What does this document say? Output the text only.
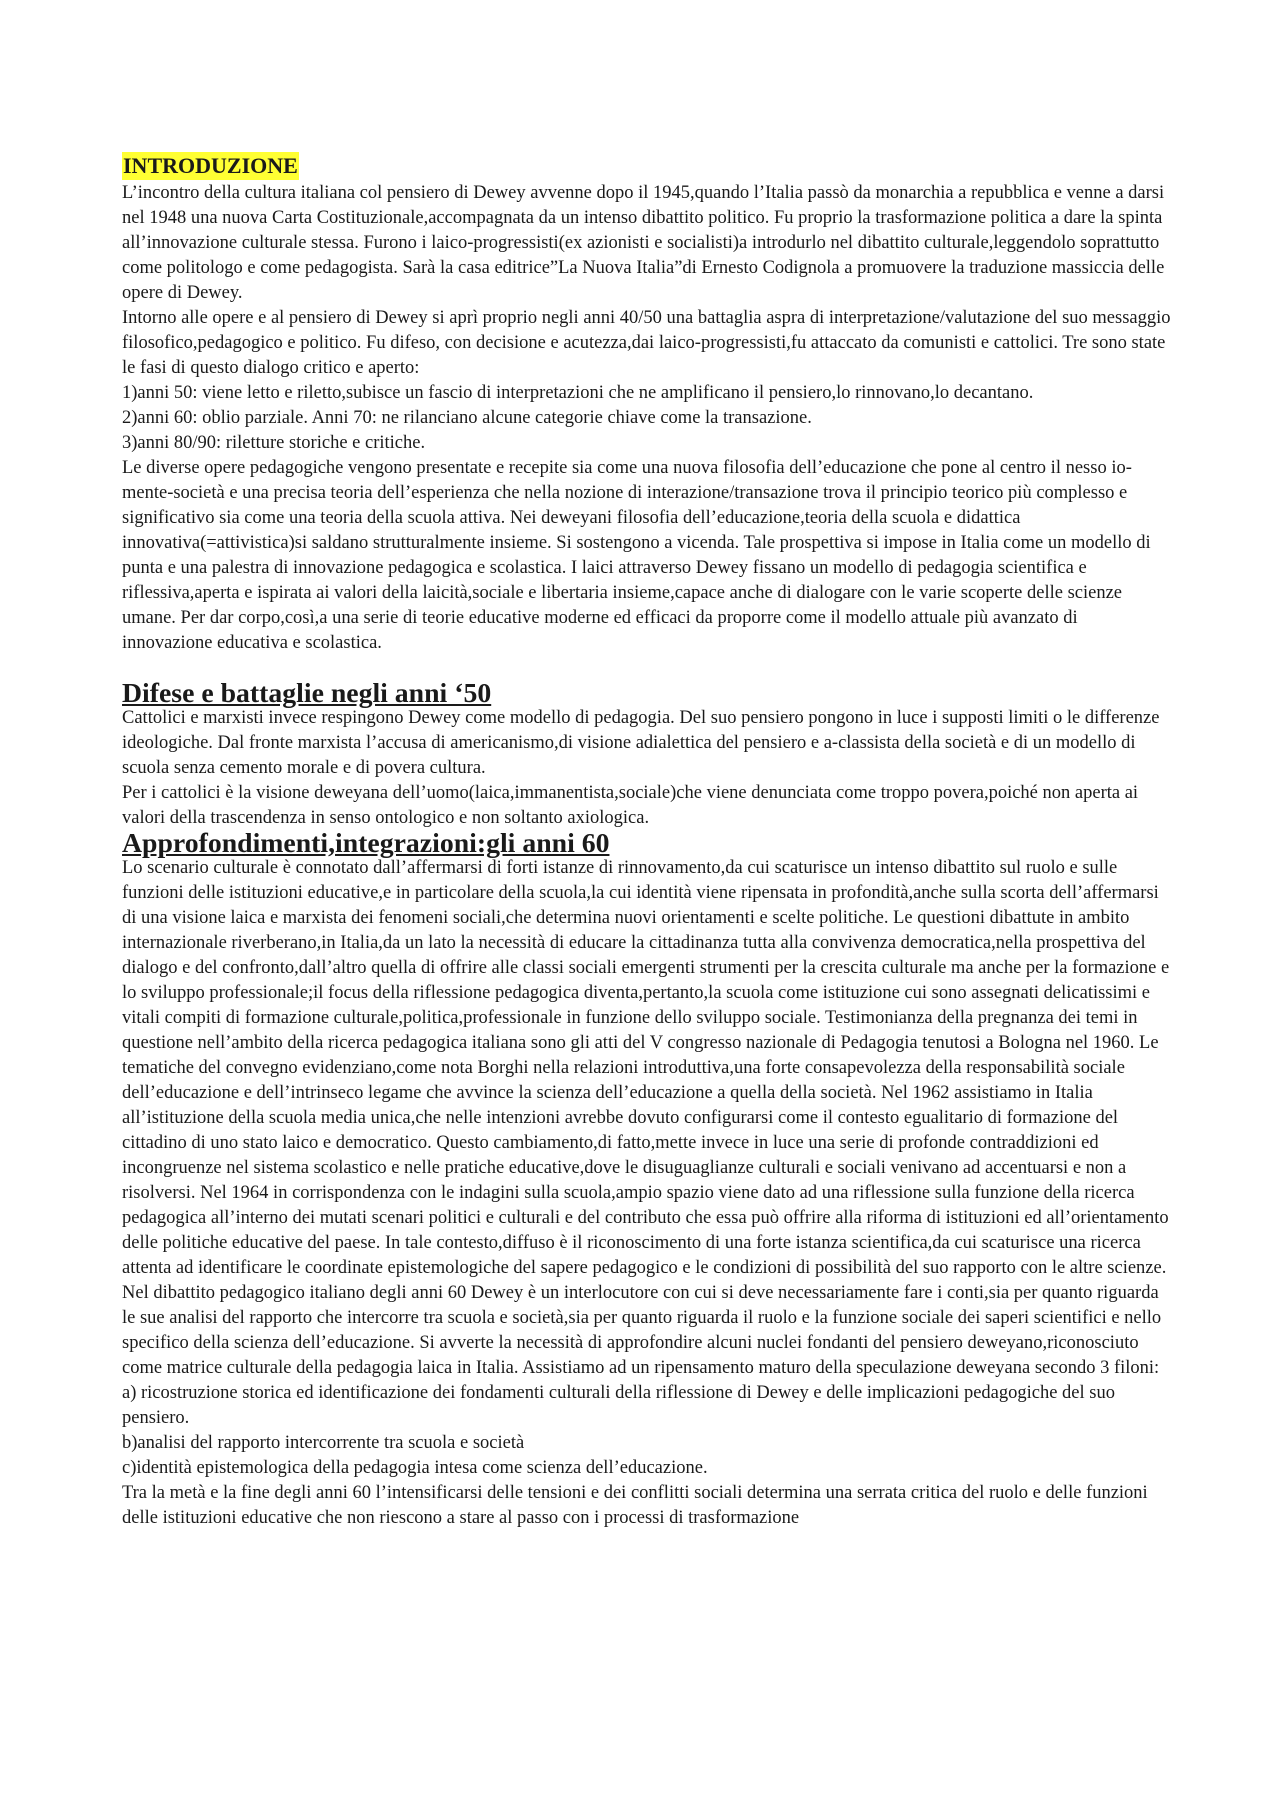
INTRODUZIONE

L’incontro della cultura italiana col pensiero di Dewey avvenne dopo il 1945,quando l’Italia passò da monarchia a repubblica e venne a darsi nel 1948 una nuova Carta Costituzionale,accompagnata da un intenso dibattito politico. Fu proprio la trasformazione politica a dare la spinta all’innovazione culturale stessa. Furono i laico-progressisti(ex azionisti e socialisti)a introdurlo nel dibattito culturale,leggendolo soprattutto come politologo e come pedagogista. Sarà la casa editrice”La Nuova Italia”di Ernesto Codignola a promuovere la traduzione massiccia delle opere di Dewey.

Intorno alle opere e al pensiero di Dewey si aprì proprio negli anni 40/50 una battaglia aspra di interpretazione/valutazione del suo messaggio filosofico,pedagogico e politico. Fu difeso, con decisione e acutezza,dai laico-progressisti,fu attaccato da comunisti e cattolici. Tre sono state le fasi di questo dialogo critico e aperto:

1)anni 50: viene letto e riletto,subisce un fascio di interpretazioni che ne amplificano il pensiero,lo rinnovano,lo decantano.

2)anni 60: oblio parziale. Anni 70: ne rilanciano alcune categorie chiave come la transazione.

3)anni 80/90: riletture storiche e critiche.

Le diverse opere pedagogiche vengono presentate e recepite sia come una nuova filosofia dell’educazione che pone al centro il nesso io-mente-società e una precisa teoria dell’esperienza che nella nozione di interazione/transazione trova il principio teorico più complesso e significativo sia come una teoria della scuola attiva. Nei deweyani filosofia dell’educazione,teoria della scuola e didattica innovativa(=attivistica)si saldano strutturalmente insieme. Si sostengono a vicenda. Tale prospettiva si impose in Italia come un modello di punta e una palestra di innovazione pedagogica e scolastica. I laici attraverso Dewey fissano un modello di pedagogia scientifica e riflessiva,aperta e ispirata ai valori della laicità,sociale e libertaria insieme,capace anche di dialogare con le varie scoperte delle scienze umane. Per dar corpo,così,a una serie di teorie educative moderne ed efficaci da proporre come il modello attuale più avanzato di innovazione educativa e scolastica.

Difese e battaglie negli anni ‘50

Cattolici e marxisti invece respingono Dewey come modello di pedagogia. Del suo pensiero pongono in luce i supposti limiti o le differenze ideologiche. Dal fronte marxista l’accusa di americanismo,di visione adialettica del pensiero e a-classista della società e di un modello di scuola senza cemento morale e di povera cultura.

Per i cattolici è la visione deweyana dell’uomo(laica,immanentista,sociale)che viene denunciata come troppo povera,poiché non aperta ai valori della trascendenza in senso ontologico e non soltanto axiologica.

Approfondimenti,integrazioni:gli anni 60

Lo scenario culturale è connotato dall’affermarsi di forti istanze di rinnovamento,da cui scaturisce un intenso dibattito sul ruolo e sulle funzioni delle istituzioni educative,e in particolare della scuola,la cui identità viene ripensata in profondità,anche sulla scorta dell’affermarsi di una visione laica e marxista dei fenomeni sociali,che determina nuovi orientamenti e scelte politiche. Le questioni dibattute in ambito internazionale riverberano,in Italia,da un lato la necessità di educare la cittadinanza tutta alla convivenza democratica,nella prospettiva del dialogo e del confronto,dall’altro quella di offrire alle classi sociali emergenti strumenti per la crescita culturale ma anche per la formazione e lo sviluppo professionale;il focus della riflessione pedagogica diventa,pertanto,la scuola come istituzione cui sono assegnati delicatissimi e vitali compiti di formazione culturale,politica,professionale in funzione dello sviluppo sociale. Testimonianza della pregnanza dei temi in questione nell’ambito della ricerca pedagogica italiana sono gli atti del V congresso nazionale di Pedagogia tenutosi a Bologna nel 1960. Le tematiche del convegno evidenziano,come nota Borghi nella relazioni introduttiva,una forte consapevolezza della responsabilità sociale dell’educazione e dell’intrinseco legame che avvince la scienza dell’educazione a quella della società. Nel 1962 assistiamo in Italia all’istituzione della scuola media unica,che nelle intenzioni avrebbe dovuto configurarsi come il contesto egualitario di formazione del cittadino di uno stato laico e democratico. Questo cambiamento,di fatto,mette invece in luce una serie di profonde contraddizioni ed incongruenze nel sistema scolastico e nelle pratiche educative,dove le disuguaglianze culturali e sociali venivano ad accentuarsi e non a risolversi. Nel 1964 in corrispondenza con le indagini sulla scuola,ampio spazio viene dato ad una riflessione sulla funzione della ricerca pedagogica all’interno dei mutati scenari politici e culturali e del contributo che essa può offrire alla riforma di istituzioni ed all’orientamento delle politiche educative del paese. In tale contesto,diffuso è il riconoscimento di una forte istanza scientifica,da cui scaturisce una ricerca attenta ad identificare le coordinate epistemologiche del sapere pedagogico e le condizioni di possibilità del suo rapporto con le altre scienze. Nel dibattito pedagogico italiano degli anni 60 Dewey è un interlocutore con cui si deve necessariamente fare i conti,sia per quanto riguarda le sue analisi del rapporto che intercorre tra scuola e società,sia per quanto riguarda il ruolo e la funzione sociale dei saperi scientifici e nello specifico della scienza dell’educazione. Si avverte la necessità di approfondire alcuni nuclei fondanti del pensiero deweyano,riconosciuto come matrice culturale della pedagogia laica in Italia. Assistiamo ad un ripensamento maturo della speculazione deweyana secondo 3 filoni:

a) ricostruzione storica ed identificazione dei fondamenti culturali della riflessione di Dewey e delle implicazioni pedagogiche del suo pensiero.

b)analisi del rapporto intercorrente tra scuola e società

c)identità epistemologica della pedagogia intesa come scienza dell’educazione.

Tra la metà e la fine degli anni 60 l’intensificarsi delle tensioni e dei conflitti sociali determina una serrata critica del ruolo e delle funzioni delle istituzioni educative che non riescono a stare al passo con i processi di trasformazione
